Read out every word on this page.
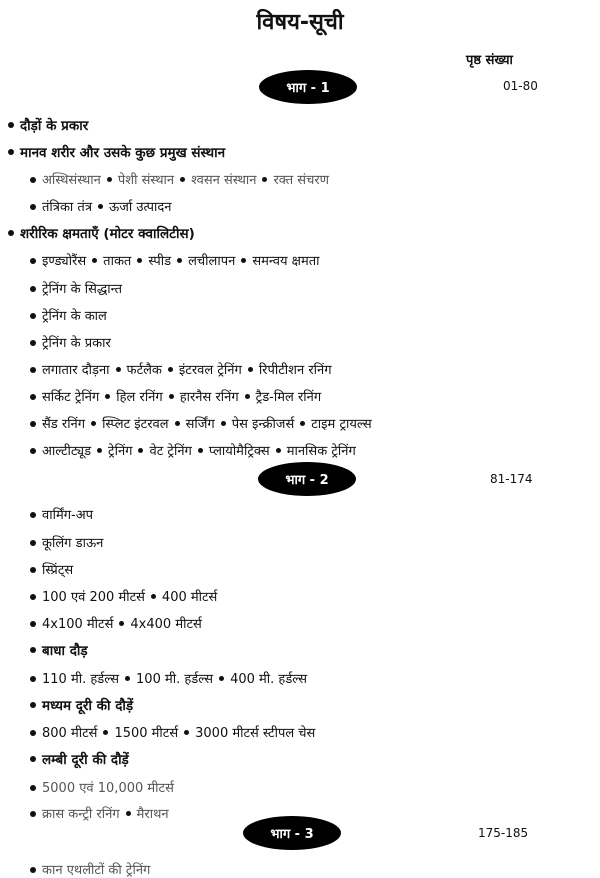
विषय-सूची
पृष्ठ संख्या
भाग - 1	01-80
भाग - 2	81-174
भाग - 3	175-185
दौड़ों के प्रकार
मानव शरीर और उसके कुछ प्रमुख संस्थान
अस्थिसंस्थान पेशी संस्थान श्वसन संस्थान रक्त संचरण
तंत्रिका तंत्र ऊर्जा उत्पादन
शरीरिक क्षमताएँ (मोटर क्वालिटीस)
इण्ड्योरैंस ताकत स्पीड लचीलापन समन्वय क्षमता
ट्रेनिंग के सिद्धान्त
ट्रेनिंग के काल
ट्रेनिंग के प्रकार
लगातार दौड़ना फर्टलैक इंटरवल ट्रेनिंग रिपीटीशन रनिंग
सर्किट ट्रेनिंग हिल रनिंग हारनैस रनिंग ट्रैड-मिल रनिंग
सैंड रनिंग स्प्लिट इंटरवल सर्जिंग पेस इन्क्रीजर्स टाइम ट्रायल्स
आल्टीट्यूड ट्रेनिंग वेट ट्रेनिंग प्लायोमैट्रिक्स मानसिक ट्रेनिंग
वार्मिंग-अप
कूलिंग डाऊन
स्प्रिंट्स
100 एवं 200 मीटर्स 400 मीटर्स
4x100 मीटर्स 4x400 मीटर्स
बाधा दौड़
110 मी. हर्डल्स 100 मी. हर्डल्स 400 मी. हर्डल्स
मध्यम दूरी की दौड़ें
800 मीटर्स 1500 मीटर्स 3000 मीटर्स स्टीपल चेस
लम्बी दूरी की दौड़ें
5000 एवं 10,000 मीटर्स
क्रास कन्ट्री रनिंग मैराथन
कान एथलीटों की ट्रेनिंग
